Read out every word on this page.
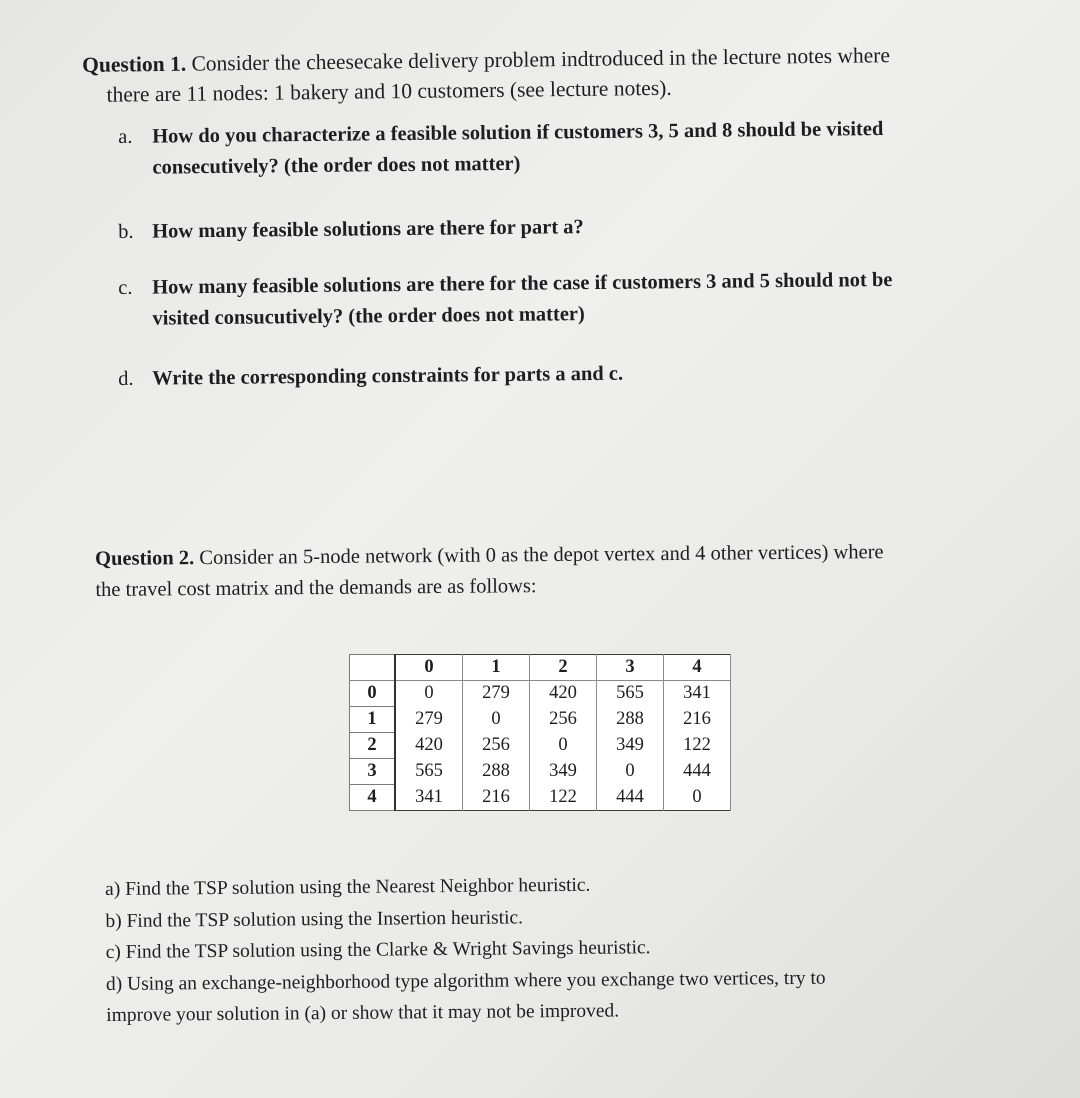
Question 1. Consider the cheesecake delivery problem indtroduced in the lecture notes where
there are 11 nodes: 1 bakery and 10 customers (see lecture notes).
a. How do you characterize a feasible solution if customers 3, 5 and 8 should be visited
consecutively? (the order does not matter)
b. How many feasible solutions are there for part a?
c. How many feasible solutions are there for the case if customers 3 and 5 should not be
visited consucutively? (the order does not matter)
d. Write the corresponding constraints for parts a and c.
Question 2. Consider an 5-node network (with 0 as the depot vertex and 4 other vertices) where
the travel cost matrix and the demands are as follows:
	0	1	2	3	4
0	0	279	420	565	341
1	279	0	256	288	216
2	420	256	0	349	122
3	565	288	349	0	444
4	341	216	122	444	0
a) Find the TSP solution using the Nearest Neighbor heuristic.
b) Find the TSP solution using the Insertion heuristic.
c) Find the TSP solution using the Clarke & Wright Savings heuristic.
d) Using an exchange-neighborhood type algorithm where you exchange two vertices, try to
improve your solution in (a) or show that it may not be improved.
